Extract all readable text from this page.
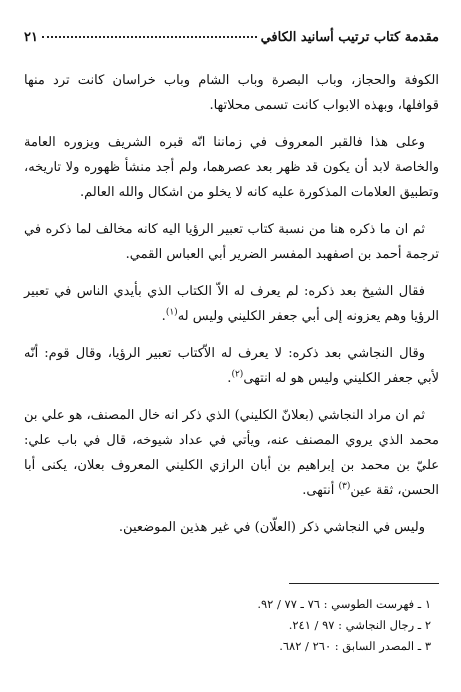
مقدمة كتاب ترتيب أسانيد الكافي
٢١

الكوفة والحجاز، وباب البصرة وباب الشام وباب خراسان كانت ترد منها قوافلها، وبهذه الابواب كانت تسمى محلاتها.

وعلى هذا فالقبر المعروف في زماننا انّه قبره الشريف ويزوره العامة والخاصة لابد أن يكون قد ظهر بعد عصرهما، ولم أجد منشأ ظهوره ولا تاريخه، وتطبيق العلامات المذكورة عليه كانه لا يخلو من اشكال والله العالم.

ثم ان ما ذكره هنا من نسبة كتاب تعبير الرؤيا اليه كانه مخالف لما ذكره في ترجمة أحمد بن اصفهبد المفسر الضرير أبي العباس القمي.

فقال الشيخ بعد ذكره: لم يعرف له الاّ الكتاب الذي بأيدي الناس في تعبير الرؤيا وهم يعزونه إلى أبي جعفر الكليني وليس له$^{(١)}$.

وقال النجاشي بعد ذكره: لا يعرف له الاّكتاب تعبير الرؤيا، وقال قوم: أنّه لأبي جعفر الكليني وليس هو له انتهى$^{(٢)}$.

ثم ان مراد النجاشي (بعلانّ الكليني) الذي ذكر انه خال المصنف، هو علي بن محمد الذي يروي المصنف عنه، ويأتي في عداد شيوخه، قال في باب علي: عليّ بن محمد بن إبراهيم بن أبان الرازي الكليني المعروف بعلان، يكنى أبا الحسن، ثقة عين$^{(٣)}$ أنتهى.

وليس في النجاشي ذكر (العلّان) في غير هذين الموضعين.

١ ـ فهرست الطوسي : ٧٦ ـ ٧٧ / ٩٢.
٢ ـ رجال النجاشي : ٩٧ / ٢٤١.
٣ ـ المصدر السابق : ٢٦٠ / ٦٨٢.
